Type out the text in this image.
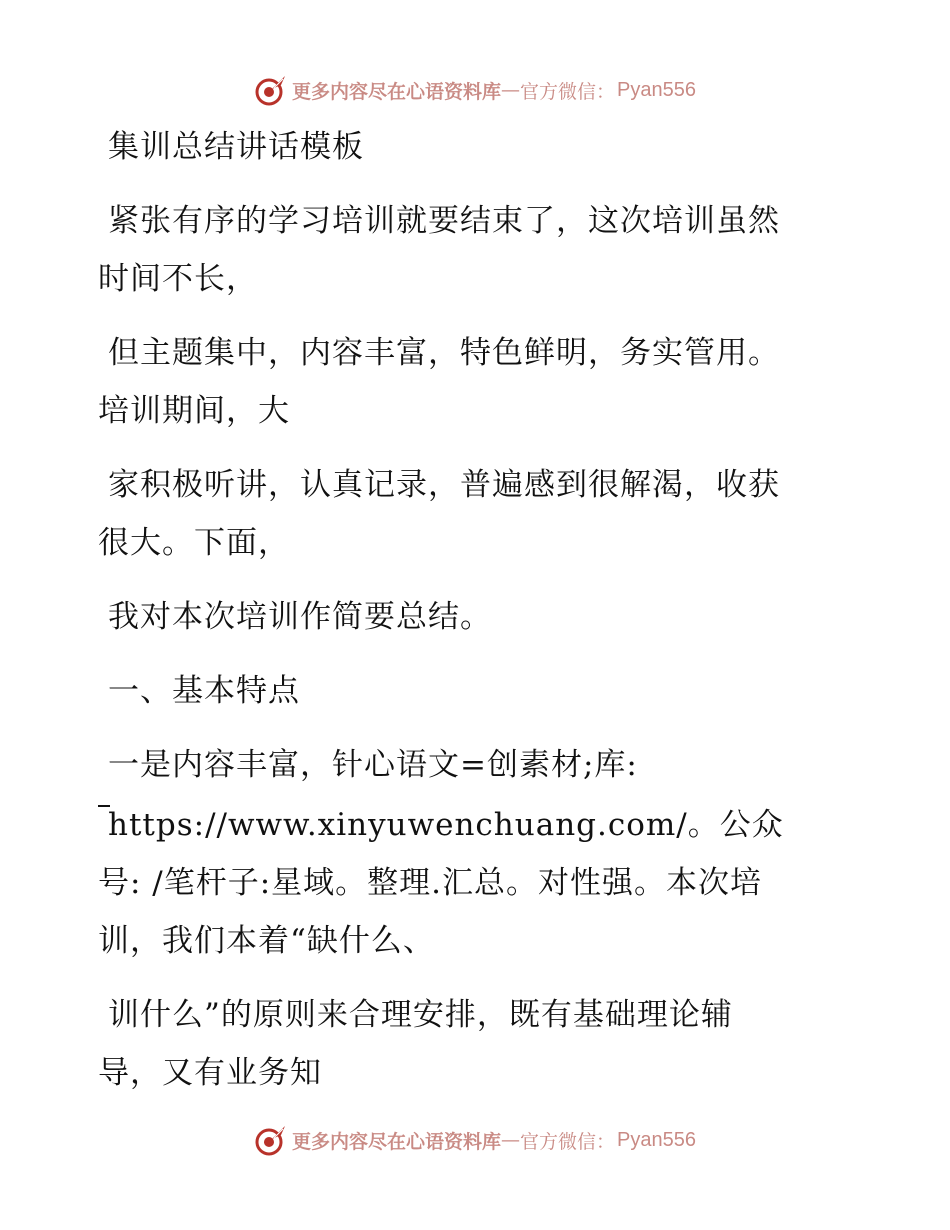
更多内容尽在心语资料库 — 官方微信： Pyan556
集训总结讲话模板
紧张有序的学习培训就要结束了，这次培训虽然
时间不长，
但主题集中，内容丰富，特色鲜明，务实管用。
培训期间，大
家积极听讲，认真记录，普遍感到很解渴，收获
很大。下面，
我对本次培训作简要总结。
一、基本特点
一是内容丰富，针心语文=创素材;库:
https://www.xinyuwenchuang.com/。公众
号: /笔杆子:星域。整理.汇总。对性强。本次培
训，我们本着“缺什么、
训什么”的原则来合理安排，既有基础理论辅
导，又有业务知
更多内容尽在心语资料库 — 官方微信： Pyan556
